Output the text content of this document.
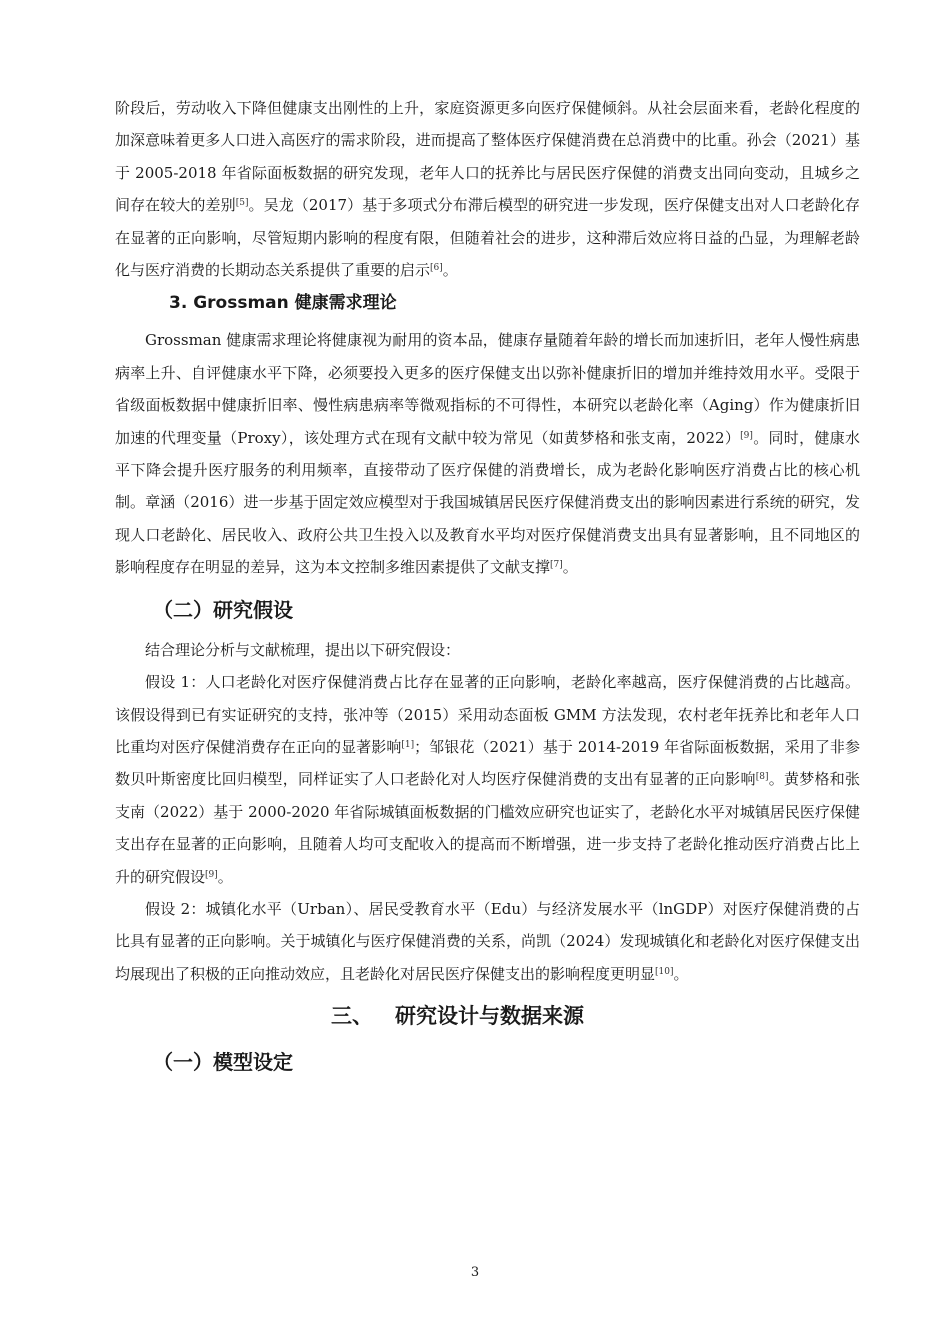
阶段后，劳动收入下降但健康支出刚性的上升，家庭资源更多向医疗保健倾斜。从社会层面来看，老龄化程度的加深意味着更多人口进入高医疗的需求阶段，进而提高了整体医疗保健消费在总消费中的比重。孙会（2021）基于 2005-2018 年省际面板数据的研究发现，老年人口的抚养比与居民医疗保健的消费支出同向变动，且城乡之间存在较大的差别[5]。吴龙（2017）基于多项式分布滞后模型的研究进一步发现，医疗保健支出对人口老龄化存在显著的正向影响，尽管短期内影响的程度有限，但随着社会的进步，这种滞后效应将日益的凸显，为理解老龄化与医疗消费的长期动态关系提供了重要的启示[6]。

3. Grossman 健康需求理论

Grossman 健康需求理论将健康视为耐用的资本品，健康存量随着年龄的增长而加速折旧，老年人慢性病患病率上升、自评健康水平下降，必须要投入更多的医疗保健支出以弥补健康折旧的增加并维持效用水平。受限于省级面板数据中健康折旧率、慢性病患病率等微观指标的不可得性，本研究以老龄化率（Aging）作为健康折旧加速的代理变量（Proxy），该处理方式在现有文献中较为常见（如黄梦格和张支南，2022）[9]。同时，健康水平下降会提升医疗服务的利用频率，直接带动了医疗保健的消费增长，成为老龄化影响医疗消费占比的核心机制。章涵（2016）进一步基于固定效应模型对于我国城镇居民医疗保健消费支出的影响因素进行系统的研究，发现人口老龄化、居民收入、政府公共卫生投入以及教育水平均对医疗保健消费支出具有显著影响，且不同地区的影响程度存在明显的差异，这为本文控制多维因素提供了文献支撑[7]。

（二）研究假设

结合理论分析与文献梳理，提出以下研究假设：

假设 1：人口老龄化对医疗保健消费占比存在显著的正向影响，老龄化率越高，医疗保健消费的占比越高。该假设得到已有实证研究的支持，张冲等（2015）采用动态面板 GMM 方法发现，农村老年抚养比和老年人口比重均对医疗保健消费存在正向的显著影响[1]；邹银花（2021）基于 2014-2019 年省际面板数据，采用了非参数贝叶斯密度比回归模型，同样证实了人口老龄化对人均医疗保健消费的支出有显著的正向影响[8]。黄梦格和张支南（2022）基于 2000-2020 年省际城镇面板数据的门槛效应研究也证实了，老龄化水平对城镇居民医疗保健支出存在显著的正向影响，且随着人均可支配收入的提高而不断增强，进一步支持了老龄化推动医疗消费占比上升的研究假设[9]。

假设 2：城镇化水平（Urban）、居民受教育水平（Edu）与经济发展水平（lnGDP）对医疗保健消费的占比具有显著的正向影响。关于城镇化与医疗保健消费的关系，尚凯（2024）发现城镇化和老龄化对医疗保健支出均展现出了积极的正向推动效应，且老龄化对居民医疗保健支出的影响程度更明显[10]。

三、 研究设计与数据来源
（一）模型设定
3
